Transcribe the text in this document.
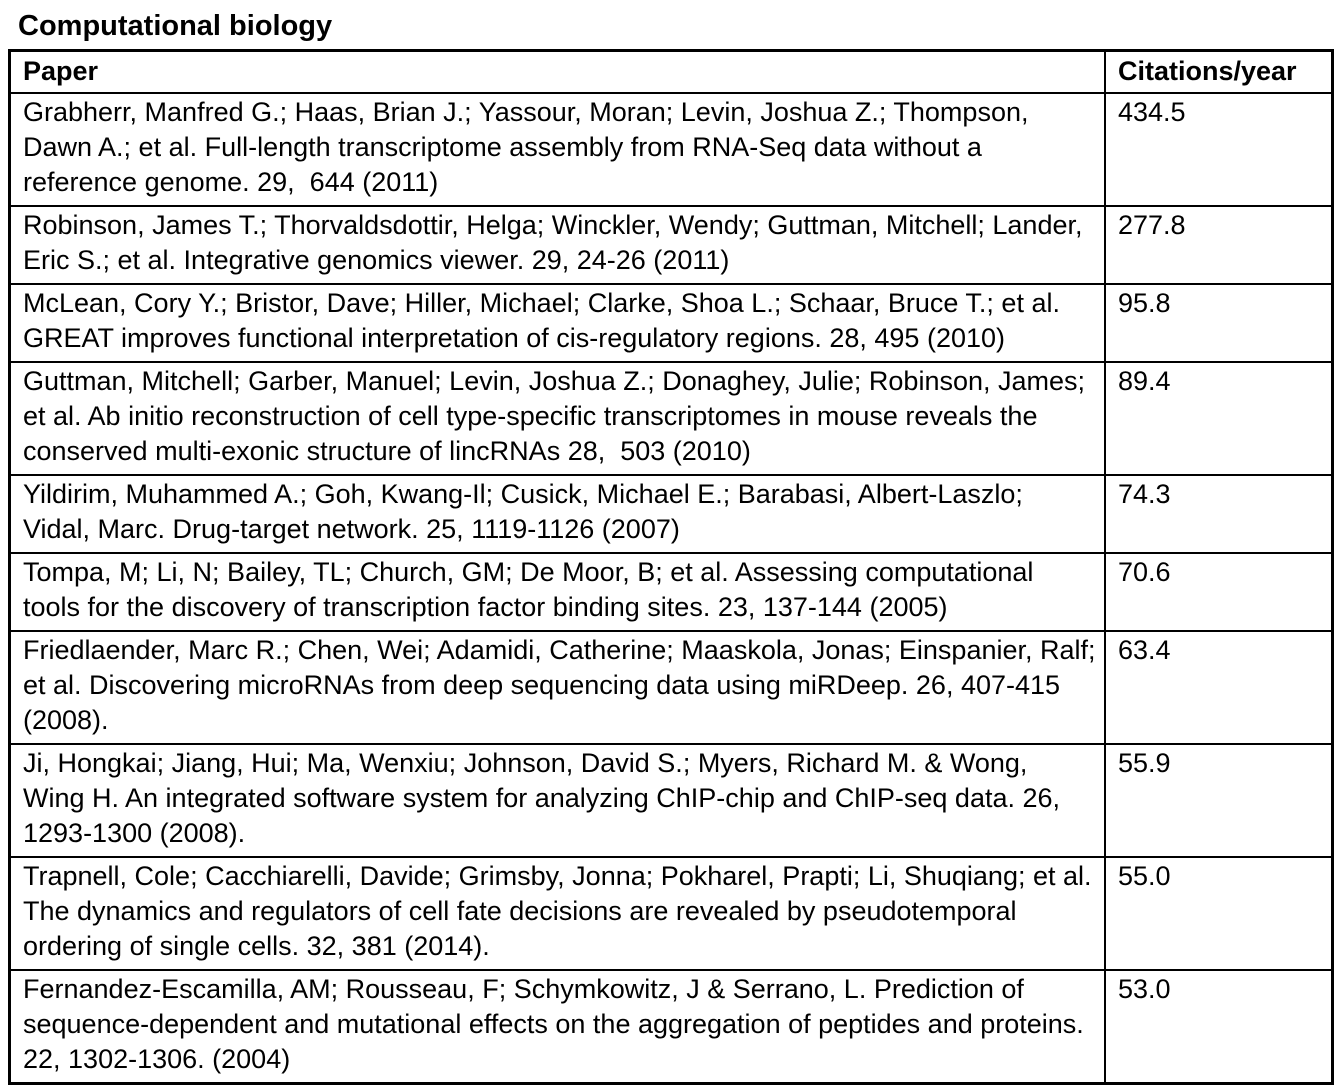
Computational biology
Paper	Citations/year
Grabherr, Manfred G.; Haas, Brian J.; Yassour, Moran; Levin, Joshua Z.; Thompson, Dawn A.; et al. Full-length transcriptome assembly from RNA-Seq data without a reference genome. 29,  644 (2011)	434.5
Robinson, James T.; Thorvaldsdottir, Helga; Winckler, Wendy; Guttman, Mitchell; Lander, Eric S.; et al. Integrative genomics viewer. 29, 24-26 (2011)	277.8
McLean, Cory Y.; Bristor, Dave; Hiller, Michael; Clarke, Shoa L.; Schaar, Bruce T.; et al. GREAT improves functional interpretation of cis-regulatory regions. 28, 495 (2010)	95.8
Guttman, Mitchell; Garber, Manuel; Levin, Joshua Z.; Donaghey, Julie; Robinson, James; et al. Ab initio reconstruction of cell type-specific transcriptomes in mouse reveals the conserved multi-exonic structure of lincRNAs 28,  503 (2010)	89.4
Yildirim, Muhammed A.; Goh, Kwang-Il; Cusick, Michael E.; Barabasi, Albert-Laszlo; Vidal, Marc. Drug-target network. 25, 1119-1126 (2007)	74.3
Tompa, M; Li, N; Bailey, TL; Church, GM; De Moor, B; et al. Assessing computational tools for the discovery of transcription factor binding sites. 23, 137-144 (2005)	70.6
Friedlaender, Marc R.; Chen, Wei; Adamidi, Catherine; Maaskola, Jonas; Einspanier, Ralf; et al. Discovering microRNAs from deep sequencing data using miRDeep. 26, 407-415 (2008).	63.4
Ji, Hongkai; Jiang, Hui; Ma, Wenxiu; Johnson, David S.; Myers, Richard M. & Wong, Wing H. An integrated software system for analyzing ChIP-chip and ChIP-seq data. 26, 1293-1300 (2008).	55.9
Trapnell, Cole; Cacchiarelli, Davide; Grimsby, Jonna; Pokharel, Prapti; Li, Shuqiang; et al. The dynamics and regulators of cell fate decisions are revealed by pseudotemporal ordering of single cells. 32, 381 (2014).	55.0
Fernandez-Escamilla, AM; Rousseau, F; Schymkowitz, J & Serrano, L. Prediction of sequence-dependent and mutational effects on the aggregation of peptides and proteins. 22, 1302-1306. (2004)	53.0
